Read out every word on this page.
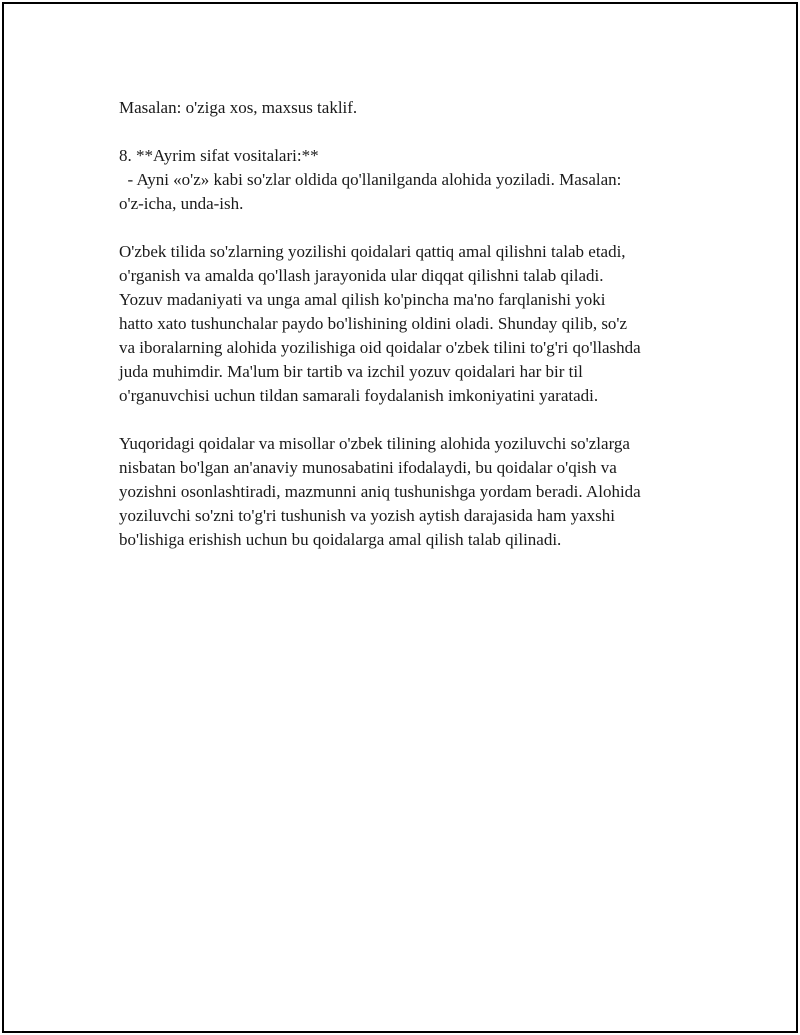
Masalan: o'ziga xos, maxsus taklif.

8. **Ayrim sifat vositalari:**

- Ayni «o'z» kabi so'zlar oldida qo'llanilganda alohida yoziladi. Masalan:

o'z-icha, unda-ish.

O'zbek tilida so'zlarning yozilishi qoidalari qattiq amal qilishni talab etadi,

o'rganish va amalda qo'llash jarayonida ular diqqat qilishni talab qiladi.

Yozuv madaniyati va unga amal qilish ko'pincha ma'no farqlanishi yoki

hatto xato tushunchalar paydo bo'lishining oldini oladi. Shunday qilib, so'z

va iboralarning alohida yozilishiga oid qoidalar o'zbek tilini to'g'ri qo'llashda

juda muhimdir. Ma'lum bir tartib va izchil yozuv qoidalari har bir til

o'rganuvchisi uchun tildan samarali foydalanish imkoniyatini yaratadi.

Yuqoridagi qoidalar va misollar o'zbek tilining alohida yoziluvchi so'zlarga

nisbatan bo'lgan an'anaviy munosabatini ifodalaydi, bu qoidalar o'qish va

yozishni osonlashtiradi, mazmunni aniq tushunishga yordam beradi. Alohida

yoziluvchi so'zni to'g'ri tushunish va yozish aytish darajasida ham yaxshi

bo'lishiga erishish uchun bu qoidalarga amal qilish talab qilinadi.
